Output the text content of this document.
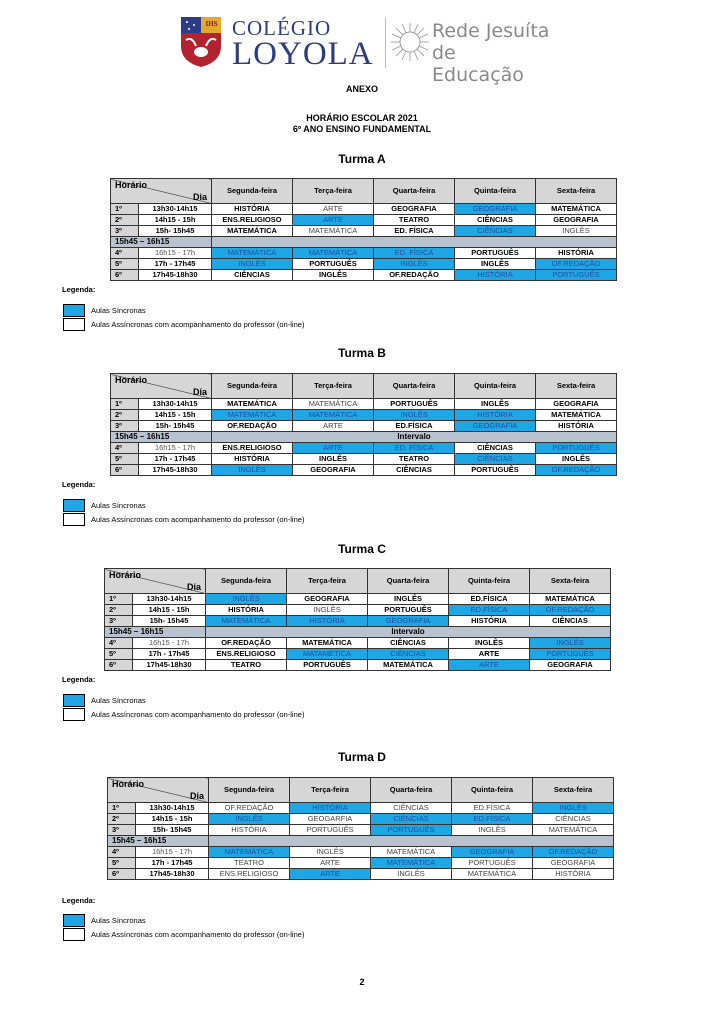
IHS COLÉGIO
LOYOLA
Rede Jesuíta
de Educação
ANEXO
HORÁRIO ESCOLAR 2021
6º ANO ENSINO FUNDAMENTAL
Turma A
Horário
Dia		Segunda-feira	Terça-feira	Quarta-feira	Quinta-feira	Sexta-feira
1º	13h30-14h15	HISTÓRIA	ARTE	GEOGRAFIA	GEOGRAFIA	MATEMÁTICA
2º	14h15 - 15h	ENS.RELIGIOSO	ARTE	TEATRO	CIÊNCIAS	GEOGRAFIA
3º	15h- 15h45	MATEMÁTICA	MATEMÁTICA	ED. FÍSICA	CIÊNCIAS	INGLÊS
15h45 – 16h15						
4º	16h15 - 17h	MATEMÁTICA	MATEMÁTICA	ED. FÍSICA	PORTUGUÊS	HISTÓRIA
5º	17h - 17h45	INGLÊS	PORTUGUÊS	INGLÊS	INGLÊS	OF.REDAÇÃO
6º	17h45-18h30	CIÊNCIAS	INGLÊS	OF.REDAÇÃO	HISTÓRIA	PORTUGUÊS
Legenda:
Aulas Síncronas
Aulas Assíncronas com acompanhamento do professor (on-line)
Turma B
Horário
Dia		Segunda-feira	Terça-feira	Quarta-feira	Quinta-feira	Sexta-feira
1º	13h30-14h15	MATEMÁTICA	MATEMÁTICA	PORTUGUÊS	INGLÊS	GEOGRAFIA
2º	14h15 - 15h	MATEMÁTICA	MATEMÁTICA	INGLÊS	HISTÓRIA	MATEMÁTICA
3º	15h- 15h45	OF.REDAÇÃO	ARTE	ED.FÍSICA	GEOGRAFIA	HISTÓRIA
15h45 – 16h15		Intervalo				
4º	16h15 - 17h	ENS.RELIGIOSO	ARTE	ED. FÍSICA	CIÊNCIAS	PORTUGUÊS
5º	17h - 17h45	HISTÓRIA	INGLÊS	TEATRO	CIÊNCIAS	INGLÊS
6º	17h45-18h30	INGLÊS	GEOGRAFIA	CIÊNCIAS	PORTUGUÊS	OF.REDAÇÃO
Legenda:
Aulas Síncronas
Aulas Assíncronas com acompanhamento do professor (on-line)
Turma C
Horário
Dia		Segunda-feira	Terça-feira	Quarta-feira	Quinta-feira	Sexta-feira
1º	13h30-14h15	INGLÊS	GEOGRAFIA	INGLÊS	ED.FÍSICA	MATEMÁTICA
2º	14h15 - 15h	HISTÓRIA	INGLÊS	PORTUGUÊS	ED.FÍSICA	OF.REDAÇÃO
3º	15h- 15h45	MATEMÁTICA	HISTÓRIA	GEOGRAFIA	HISTÓRIA	CIÊNCIAS
15h45 – 16h15		Intervalo				
4º	16h15 - 17h	OF.REDAÇÃO	MATEMÁTICA	CIÊNCIAS	INGLÊS	INGLÊS
5º	17h - 17h45	ENS.RELIGIOSO	MATAMÉTICA	CIÊNCIAS	ARTE	PORTUGUÊS
6º	17h45-18h30	TEATRO	PORTUGUÊS	MATEMÁTICA	ARTE	GEOGRAFIA
Legenda:
Aulas Síncronas
Aulas Assíncronas com acompanhamento do professor (on-line)
Turma D
Horário
Dia		Segunda-feira	Terça-feira	Quarta-feira	Quinta-feira	Sexta-feira
1º	13h30-14h15	OF.REDAÇÃO	HISTÓRIA	CIÊNCIAS	ED.FÍSICA	INGLÊS
2º	14h15 - 15h	INGLÊS	GEOGARFIA	CIÊNCIAS	ED.FÍSICA	CIÊNCIAS
3º	15h- 15h45	HISTÓRIA	PORTUGUÊS	PORTUGUÊS	INGLÊS	MATEMÁTICA
15h45 – 16h15						
4º	16h15 - 17h	MATEMÁTICA	INGLÊS	MATEMÁTICA	GEOGRAFIA	OF.REDAÇÃO
5º	17h - 17h45	TEATRO	ARTE	MATEMÁTICA	PORTUGUÊS	GEOGRAFIA
6º	17h45-18h30	ENS.RELIGIOSO	ARTE	INGLÊS	MATEMÁTICA	HISTÓRIA
Legenda:
Aulas Síncronas
Aulas Assíncronas com acompanhamento do professor (on-line)
2
